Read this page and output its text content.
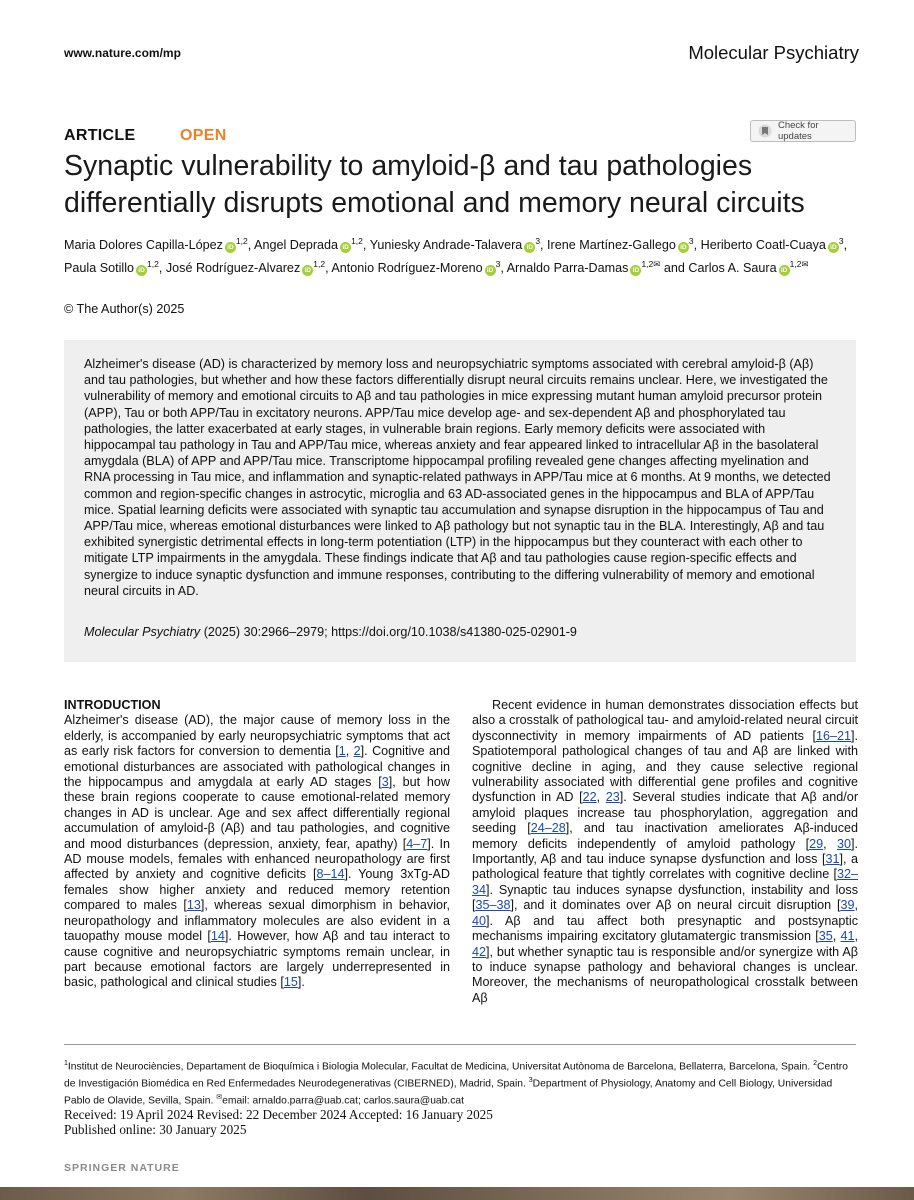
www.nature.com/mp	Molecular Psychiatry
ARTICLE	OPEN
Check for updates
Synaptic vulnerability to amyloid-β and tau pathologies differentially disrupts emotional and memory neural circuits
Maria Dolores Capilla-López iD$^{1,2}$, Angel Deprada iD$^{1,2}$, Yuniesky Andrade-Talavera $iD^3$, Irene Martínez-Gallego $iD^3$, Heriberto Coatl-Cuaya $iD^3$, Paula Sotillo iD$^{1,2}$, José Rodríguez-Alvarez iD$^{1,2}$, Antonio Rodríguez-Moreno $iD^3$, Arnaldo Parra-Damas $iD^{1,2✉}$ and Carlos A. Saura $iD^{1,2✉}$
© The Author(s) 2025
Alzheimer's disease (AD) is characterized by memory loss and neuropsychiatric symptoms associated with cerebral amyloid-β (Aβ) and tau pathologies, but whether and how these factors differentially disrupt neural circuits remains unclear. Here, we investigated the vulnerability of memory and emotional circuits to Aβ and tau pathologies in mice expressing mutant human amyloid precursor protein (APP), Tau or both APP/Tau in excitatory neurons. APP/Tau mice develop age- and sex-dependent Aβ and phosphorylated tau pathologies, the latter exacerbated at early stages, in vulnerable brain regions. Early memory deficits were associated with hippocampal tau pathology in Tau and APP/Tau mice, whereas anxiety and fear appeared linked to intracellular Aβ in the basolateral amygdala (BLA) of APP and APP/Tau mice. Transcriptome hippocampal profiling revealed gene changes affecting myelination and RNA processing in Tau mice, and inflammation and synaptic-related pathways in APP/Tau mice at 6 months. At 9 months, we detected common and region-specific changes in astrocytic, microglia and 63 AD-associated genes in the hippocampus and BLA of APP/Tau mice. Spatial learning deficits were associated with synaptic tau accumulation and synapse disruption in the hippocampus of Tau and APP/Tau mice, whereas emotional disturbances were linked to Aβ pathology but not synaptic tau in the BLA. Interestingly, Aβ and tau exhibited synergistic detrimental effects in long-term potentiation (LTP) in the hippocampus but they counteract with each other to mitigate LTP impairments in the amygdala. These findings indicate that Aβ and tau pathologies cause region-specific effects and synergize to induce synaptic dysfunction and immune responses, contributing to the differing vulnerability of memory and emotional neural circuits in AD.
Molecular Psychiatry (2025) 30:2966–2979; https://doi.org/10.1038/s41380-025-02901-9
INTRODUCTION
Alzheimer's disease (AD), the major cause of memory loss in the elderly, is accompanied by early neuropsychiatric symptoms that act as early risk factors for conversion to dementia [1, 2]. Cognitive and emotional disturbances are associated with pathological changes in the hippocampus and amygdala at early AD stages [3], but how these brain regions cooperate to cause emotional-related memory changes in AD is unclear. Age and sex affect differentially regional accumulation of amyloid-β (Aβ) and tau pathologies, and cognitive and mood disturbances (depression, anxiety, fear, apathy) [4–7]. In AD mouse models, females with enhanced neuropathology are first affected by anxiety and cognitive deficits [8–14]. Young 3xTg-AD females show higher anxiety and reduced memory retention compared to males [13], whereas sexual dimorphism in behavior, neuropathology and inflammatory molecules are also evident in a tauopathy mouse model [14]. However, how Aβ and tau interact to cause cognitive and neuropsychiatric symptoms remain unclear, in part because emotional factors are largely underrepresented in basic, pathological and clinical studies [15].
Recent evidence in human demonstrates dissociation effects but also a crosstalk of pathological tau- and amyloid-related neural circuit dysconnectivity in memory impairments of AD patients [16–21]. Spatiotemporal pathological changes of tau and Aβ are linked with cognitive decline in aging, and they cause selective regional vulnerability associated with differential gene profiles and cognitive dysfunction in AD [22, 23]. Several studies indicate that Aβ and/or amyloid plaques increase tau phosphorylation, aggregation and seeding [24–28], and tau inactivation ameliorates Aβ-induced memory deficits independently of amyloid pathology [29, 30]. Importantly, Aβ and tau induce synapse dysfunction and loss [31], a pathological feature that tightly correlates with cognitive decline [32–34]. Synaptic tau induces synapse dysfunction, instability and loss [35–38], and it dominates over Aβ on neural circuit disruption [39, 40]. Aβ and tau affect both presynaptic and postsynaptic mechanisms impairing excitatory glutamatergic transmission [35, 41, 42], but whether synaptic tau is responsible and/or synergize with Aβ to induce synapse pathology and behavioral changes is unclear. Moreover, the mechanisms of neuropathological crosstalk between Aβ
$^1$Institut de Neurociències, Departament de Bioquímica i Biologia Molecular, Facultat de Medicina, Universitat Autònoma de Barcelona, Bellaterra, Barcelona, Spain. $^2$Centro de Investigación Biomédica en Red Enfermedades Neurodegenerativas (CIBERNED), Madrid, Spain. $^3$Department of Physiology, Anatomy and Cell Biology, Universidad Pablo de Olavide, Sevilla, Spain. ✉email: arnaldo.parra@uab.cat; carlos.saura@uab.cat
Received: 19 April 2024 Revised: 22 December 2024 Accepted: 16 January 2025
Published online: 30 January 2025
SPRINGER NATURE
